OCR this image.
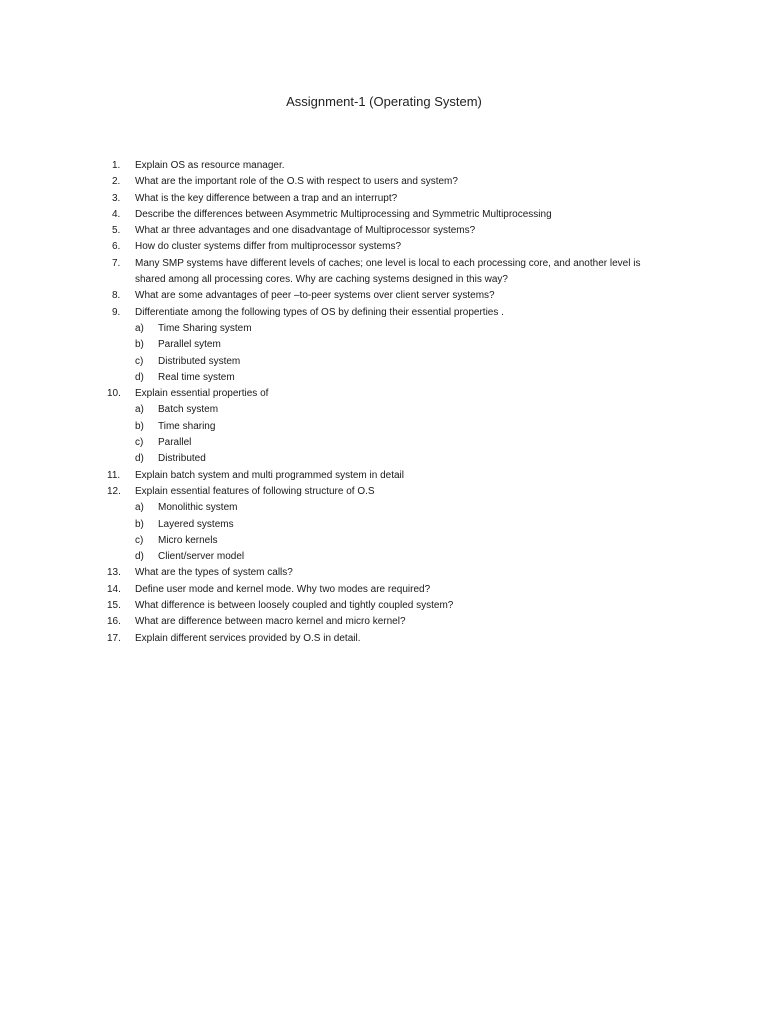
Assignment-1 (Operating System)
1.	Explain OS as resource manager.
2.	What are the important role of the O.S with respect to users and system?
3.	What is the key difference between a trap and an interrupt?
4.	Describe the differences between Asymmetric Multiprocessing and Symmetric Multiprocessing
5.	What ar three advantages and one disadvantage of Multiprocessor systems?
6.	How do cluster systems differ from multiprocessor systems?
7.	Many SMP systems have different levels of caches; one level is local to each processing core, and another level is shared among all processing cores. Why are caching systems designed in this way?
8.	What are some advantages of peer –to-peer systems over client server systems?
9.	Differentiate among the following types of OS by defining their essential properties .
a)	Time Sharing system
b)	Parallel sytem
c)	Distributed system
d)	Real time system
10.	Explain essential properties of
a)	Batch system
b)	Time sharing
c)	Parallel
d)	Distributed
11.	Explain batch system and multi programmed system in detail
12.	Explain essential features of following structure of O.S
a)	Monolithic system
b)	Layered systems
c)	Micro kernels
d)	Client/server model
13.	What are the types of system calls?
14.	Define user mode and kernel mode. Why two modes are required?
15.	What difference is between loosely coupled and tightly coupled system?
16.	What are difference between macro kernel and micro kernel?
17.	Explain different services provided by O.S in detail.
